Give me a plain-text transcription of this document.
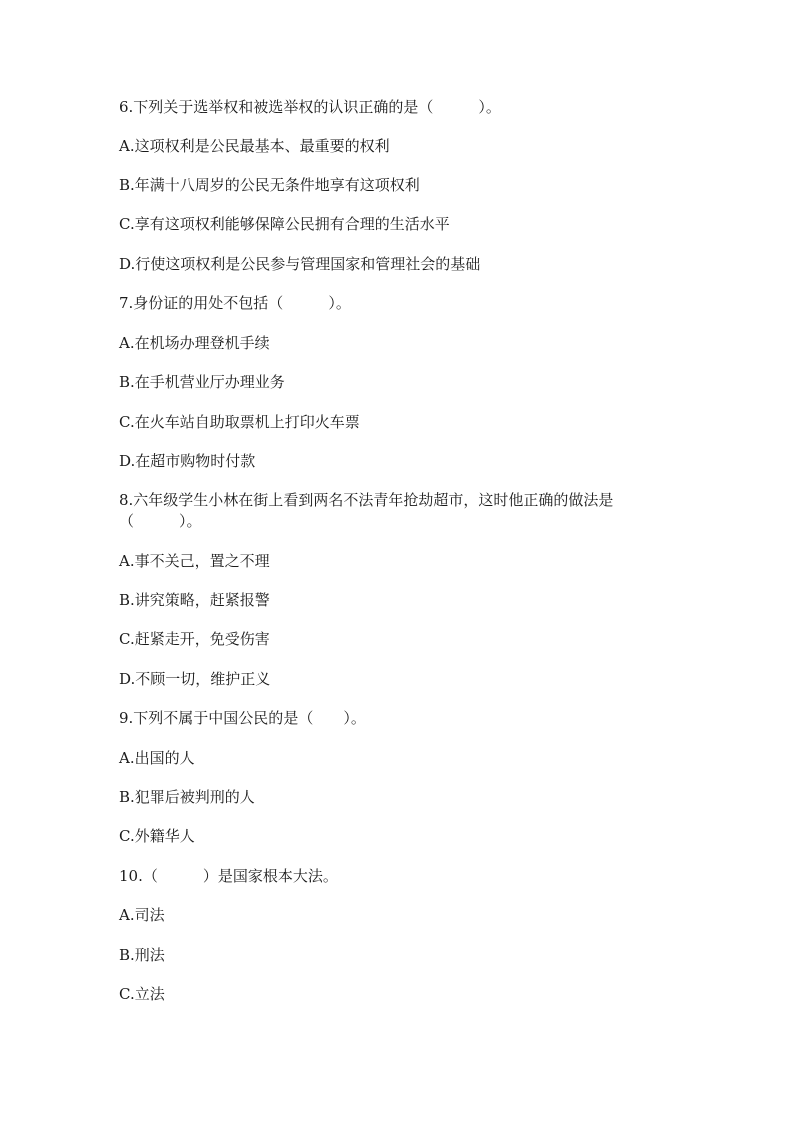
6.下列关于选举权和被选举权的认识正确的是（　　　）。
A.这项权利是公民最基本、最重要的权利
B.年满十八周岁的公民无条件地享有这项权利
C.享有这项权利能够保障公民拥有合理的生活水平
D.行使这项权利是公民参与管理国家和管理社会的基础
7.身份证的用处不包括（　　　）。
A.在机场办理登机手续
B.在手机营业厅办理业务
C.在火车站自助取票机上打印火车票
D.在超市购物时付款
8.六年级学生小林在街上看到两名不法青年抢劫超市，这时他正确的做法是
（　　　）。
A.事不关己，置之不理
B.讲究策略，赶紧报警
C.赶紧走开，免受伤害
D.不顾一切，维护正义
9.下列不属于中国公民的是（　　）。
A.出国的人
B.犯罪后被判刑的人
C.外籍华人
10.（　　　）是国家根本大法。
A.司法
B.刑法
C.立法
